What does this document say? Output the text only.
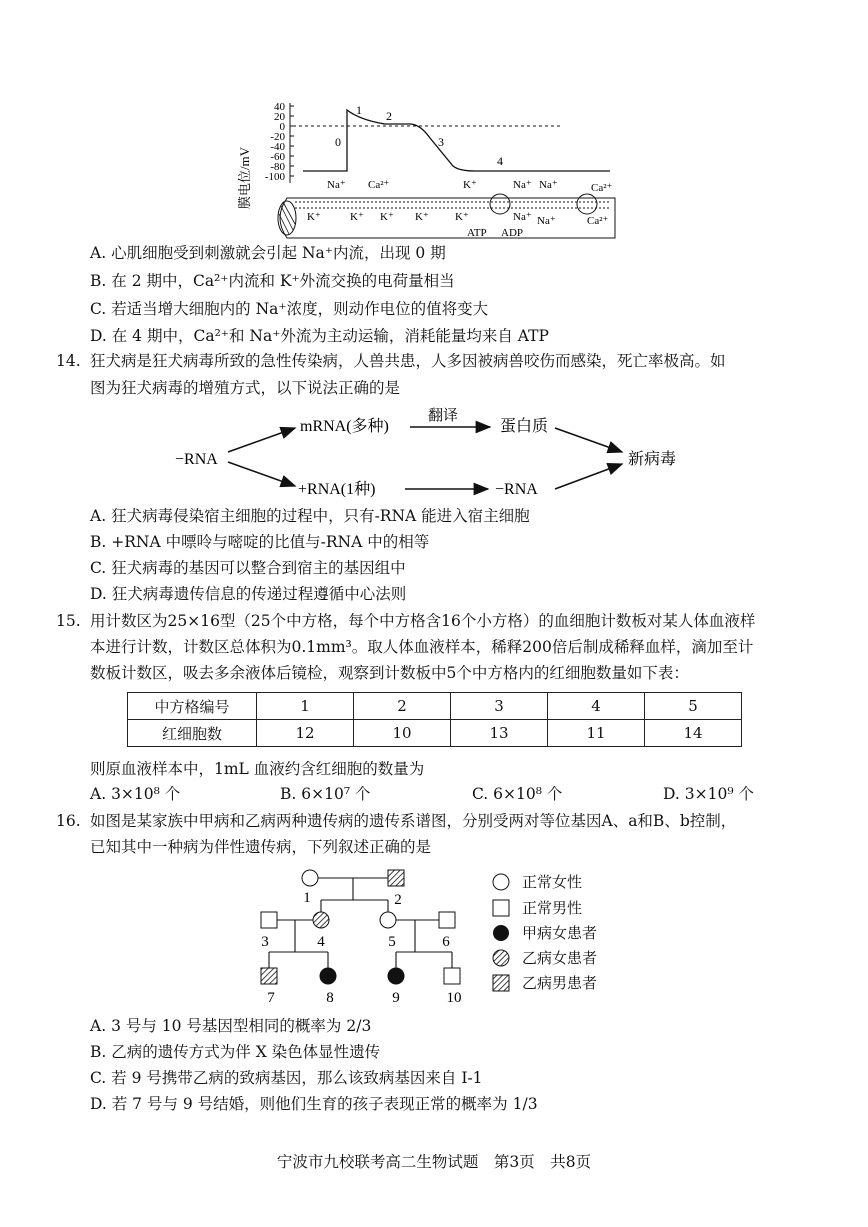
膜电位/mV
40
20
0
-20
-40
-60
-80
-100
0
1 2
3
4
Na⁺ Ca²⁺	K⁺	Na⁺ Na⁺	Ca²⁺
K⁺	K⁺ K⁺ K⁺ K⁺	Na⁺ Na⁺	Ca²⁺
ATP ADP
A. 心肌细胞受到刺激就会引起 Na⁺内流，出现 0 期
B. 在 2 期中，Ca²⁺内流和 K⁺外流交换的电荷量相当
C. 若适当增大细胞内的 Na⁺浓度，则动作电位的值将变大
D. 在 4 期中，Ca²⁺和 Na⁺外流为主动运输，消耗能量均来自 ATP
14. 狂犬病是狂犬病毒所致的急性传染病，人兽共患，人多因被病兽咬伤而感染，死亡率极高。如
图为狂犬病毒的增殖方式，以下说法正确的是
−RNA
mRNA(多种)
翻译
蛋白质
+RNA(1种)	−RNA
新病毒
A. 狂犬病毒侵染宿主细胞的过程中，只有-RNA 能进入宿主细胞
B. +RNA 中嘌呤与嘧啶的比值与-RNA 中的相等
C. 狂犬病毒的基因可以整合到宿主的基因组中
D. 狂犬病毒遗传信息的传递过程遵循中心法则
15. 用计数区为25×16型（25个中方格，每个中方格含16个小方格）的血细胞计数板对某人体血液样
本进行计数，计数区总体积为0.1mm³。取人体血液样本，稀释200倍后制成稀释血样，滴加至计
数板计数区，吸去多余液体后镜检，观察到计数板中5个中方格内的红细胞数量如下表：
中方格编号	1	2	3	4	5
红细胞数	12	10	13	11	14
则原血液样本中，1mL 血液约含红细胞的数量为
A. 3×10⁸ 个	B. 6×10⁷ 个	C. 6×10⁸ 个	D. 3×10⁹ 个
16. 如图是某家族中甲病和乙病两种遗传病的遗传系谱图，分别受两对等位基因A、a和B、b控制，
已知其中一种病为伴性遗传病，下列叙述正确的是
1	2
3	4	5	6
7	8	9	10
正常女性
正常男性
甲病女患者
乙病女患者
乙病男患者
A. 3 号与 10 号基因型相同的概率为 2/3
B. 乙病的遗传方式为伴 X 染色体显性遗传
C. 若 9 号携带乙病的致病基因，那么该致病基因来自 I-1
D. 若 7 号与 9 号结婚，则他们生育的孩子表现正常的概率为 1/3
宁波市九校联考高二生物试题　第3页　共8页
